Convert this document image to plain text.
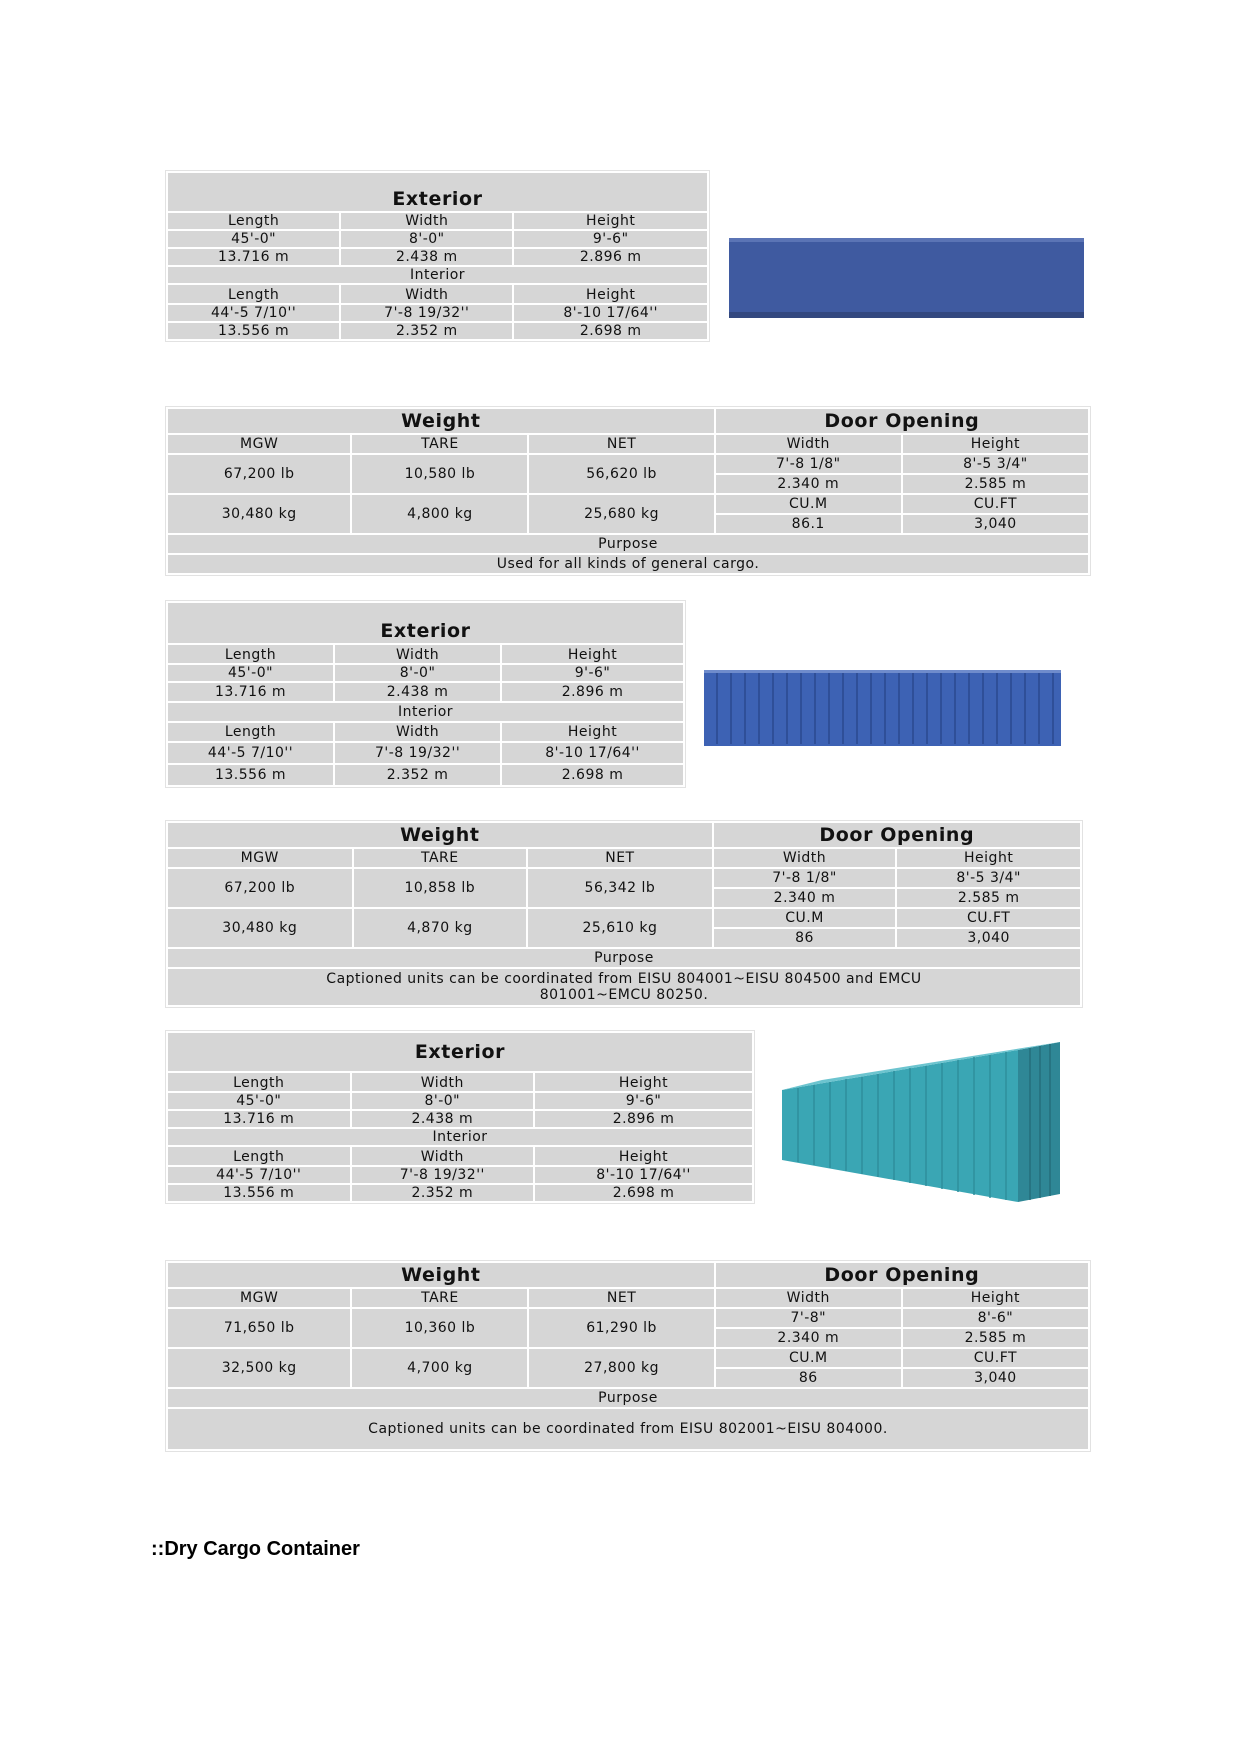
Exterior		
Length	Width	Height
45'-0"	8'-0"	9'-6"
13.716 m	2.438 m	2.896 m
Interior		
Length	Width	Height
44'-5 7/10''	7'-8 19/32''	8'-10 17/64''
13.556 m	2.352 m	2.698 m
Weight			Door Opening	
MGW	TARE	NET	Width	Height
67,200 lb	10,580 lb	56,620 lb	7'-8 1/8"	8'-5 3/4"
			2.340 m	2.585 m
30,480 kg	4,800 kg	25,680 kg	CU.M	CU.FT
			86.1	3,040
Purpose				
Used for all kinds of general cargo.				
Exterior		
Length	Width	Height
45'-0"	8'-0"	9'-6"
13.716 m	2.438 m	2.896 m
Interior		
Length	Width	Height
44'-5 7/10''	7'-8 19/32''	8'-10 17/64''
13.556 m	2.352 m	2.698 m
Weight			Door Opening	
MGW	TARE	NET	Width	Height
67,200 lb	10,858 lb	56,342 lb	7'-8 1/8"	8'-5 3/4"
			2.340 m	2.585 m
30,480 kg	4,870 kg	25,610 kg	CU.M	CU.FT
			86	3,040
Purpose				

Captioned units can be coordinated from EISU 804001~EISU 804500 and EMCU
801001~EMCU 80250.				
Exterior		
Length	Width	Height
45'-0"	8'-0"	9'-6"
13.716 m	2.438 m	2.896 m
Interior		
Length	Width	Height
44'-5 7/10''	7'-8 19/32''	8'-10 17/64''
13.556 m	2.352 m	2.698 m
Weight			Door Opening	
MGW	TARE	NET	Width	Height
71,650 lb	10,360 lb	61,290 lb	7'-8"	8'-6"
			2.340 m	2.585 m
32,500 kg	4,700 kg	27,800 kg	CU.M	CU.FT
			86	3,040
Purpose				
Captioned units can be coordinated from EISU 802001~EISU 804000.				
::Dry Cargo Container
